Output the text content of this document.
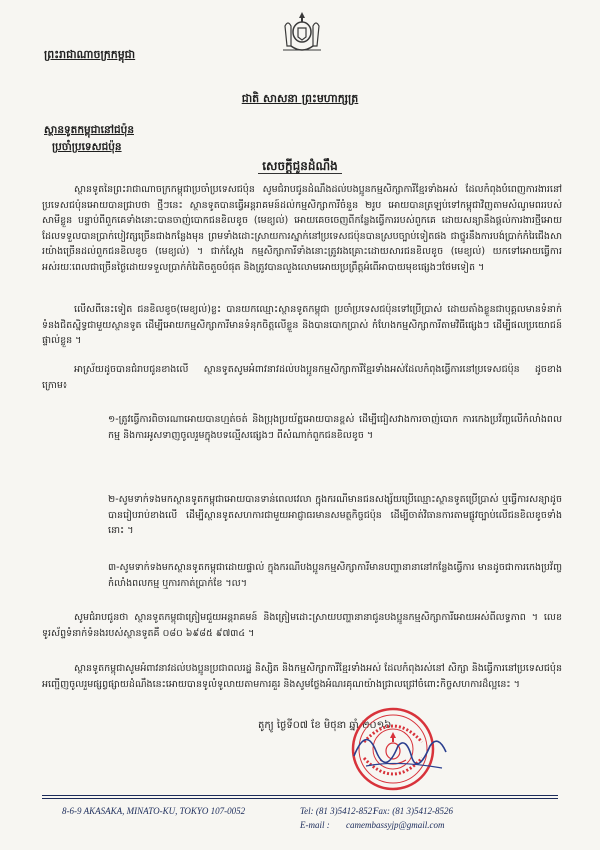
ព្រះរាជាណាចក្រកម្ពុជា
ជាតិ សាសនា ព្រះមហាក្សត្រ
ស្ថានទូតកម្ពុជានៅជប៉ុន
ប្រចាំប្រទេសជប៉ុន
សេចក្តីជូនដំណឹង

ស្ថានទូតនៃព្រះរាជាណាចក្រកម្ពុជាប្រចាំប្រទេសជប៉ុន សូមជំរាបជូនដំណឹងដល់បងប្អូនកម្មសិក្សាការីខ្មែរទាំងអស់ ដែលកំពុងបំពេញការងារនៅប្រទេសជប៉ុនអោយបានជ្រាបថា ថ្មីៗនេះ ស្ថានទូតបានធ្វើអន្តរាគមន៍ដល់កម្មសិក្សាការីចំនួន ២រូប អោយបានត្រឡប់ទៅកម្ពុជាវិញតាមសំណូមពររបស់សាមីខ្លួន បន្ទាប់ពីពួកគេទាំងនោះបានចាញ់បោកជនខិលខូច (មេខ្យល់) អោយគេចចេញពីកន្លែងធ្វើការរបស់ពួកគេ ដោយសន្យានឹងផ្តល់ការងារថ្មីអោយ ដែលទទួលបានប្រាក់បៀវត្សច្រើនជាងកន្លែងមុន ព្រមទាំងដោះស្រាយការស្នាក់នៅប្រទេសជប៉ុនបានស្របច្បាប់ទៀតផង ជាថ្នូរនឹងការបង់ប្រាក់កំរៃជើងសារយ៉ាងច្រើនដល់ពួកជនខិលខូច (មេខ្យល់) ។ ជាក់ស្តែង កម្មសិក្សាការីទាំងនោះត្រូវរងគ្រោះដោយសារជនខិលខូច (មេខ្យល់) យកទៅអោយធ្វើការអស់រយៈពេលជាច្រើនថ្ងៃដោយទទួលប្រាក់កំរៃតិចតួចបំផុត និងត្រូវបានលួងលោមអោយប្រព្រឹត្តអំពើអាបាយមុខផ្សេងៗថែមទៀត ។

លើសពីនេះទៀត ជនខិលខូច(មេខ្យល់)ខ្លះ បានយកឈ្មោះស្ថានទូតកម្ពុជា ប្រចាំប្រទេសជប៉ុនទៅប្រើប្រាស់ ដោយតាំងខ្លួនជាបុគ្គលមានទំនាក់ទំនងជិតស្និទ្ធជាមួយស្ថានទូត ដើម្បីអោយកម្មសិក្សាការីមានទំនុកចិត្តលើខ្លួន និងបានបោកប្រាស់ កំហែងកម្មសិក្សាការីតាមវិធីផ្សេងៗ ដើម្បីផលប្រយោជន៍ផ្ទាល់ខ្លួន ។

អាស្រ័យដូចបានជំរាបជូនខាងលើ ស្ថានទូតសូមអំពាវនាវដល់បងប្អូនកម្មសិក្សាការីខ្មែរទាំងអស់ដែលកំពុងធ្វើការនៅប្រទេសជប៉ុន ដូចខាងក្រោម៖

១-ត្រូវធ្វើការពិចារណាអោយបានហ្មត់ចត់ និងប្រុងប្រយ័ត្នអោយបានខ្ពស់ ដើម្បីជៀសវាងការចាញ់បោក ការកេងប្រវ័ញ្ចលើកំលាំងពលកម្ម និងការអូសទាញចូលរួមក្នុងបទល្មើសផ្សេងៗ ពីសំណាក់ពួកជនខិលខូច ។

២-សូមទាក់ទងមកស្ថានទូតកម្ពុជាអោយបានទាន់ពេលវេលា ក្នុងករណីមានជនសង្ស័យប្រើឈ្មោះស្ថានទូតប្រើប្រាស់ ឬធ្វើការសន្យាដូចបានរៀបរាប់ខាងលើ ដើម្បីស្ថានទូតសហការជាមួយអាជ្ញាធរមានសមត្ថកិច្ចជប៉ុន ដើម្បីចាត់វិធានការតាមផ្លូវច្បាប់លើជនខិលខូចទាំងនោះ ។

៣-សូមទាក់ទងមកស្ថានទូតកម្ពុជាដោយផ្ទាល់ ក្នុងករណីបងប្អូនកម្មសិក្សាការីមានបញ្ហានានានៅកន្លែងធ្វើការ មានដូចជាការកេងប្រវ័ញ្ចកំលាំងពលកម្ម ឬការកាត់ប្រាក់ខែ ។ល។

សូមជំរាបជូនថា ស្ថានទូតកម្ពុជាត្រៀមជួយអន្តរាគមន៍ និងត្រៀមដោះស្រាយបញ្ហានានាជូនបងប្អូនកម្មសិក្សាការីអោយអស់ពីលទ្ធភាព ។ លេខទូរស័ព្ទទំនាក់ទំនងរបស់ស្ថានទូតគឺ ០៨០ ៦៩៨៥ ៩៧៣៤ ។

ស្ថានទូតកម្ពុជាសូមអំពាវនាវដល់បងប្អូនប្រជាពលរដ្ឋ និស្សិត និងកម្មសិក្សាការីខ្មែរទាំងអស់ ដែលកំពុងរស់នៅ សិក្សា និងធ្វើការនៅប្រទេសជប៉ុន អញ្ជើញចូលរួមផ្សព្វផ្សាយដំណឹងនេះអោយបានទូលំទូលាយតាមការគួរ និងសូមថ្លែងអំណរគុណយ៉ាងជ្រាលជ្រៅចំពោះកិច្ចសហការដ៏ល្អនេះ ។

តូក្យូ ថ្ងៃទី០៧ ខែ មិថុនា ឆ្នាំ ២០១៦
8-6-9 AKASAKA, MINATO-KU, TOKYO 107-0052	Tel: (81 3)5412-8521
Fax: (81 3)5412-8526
E-mail : camembassyjp@gmail.com
